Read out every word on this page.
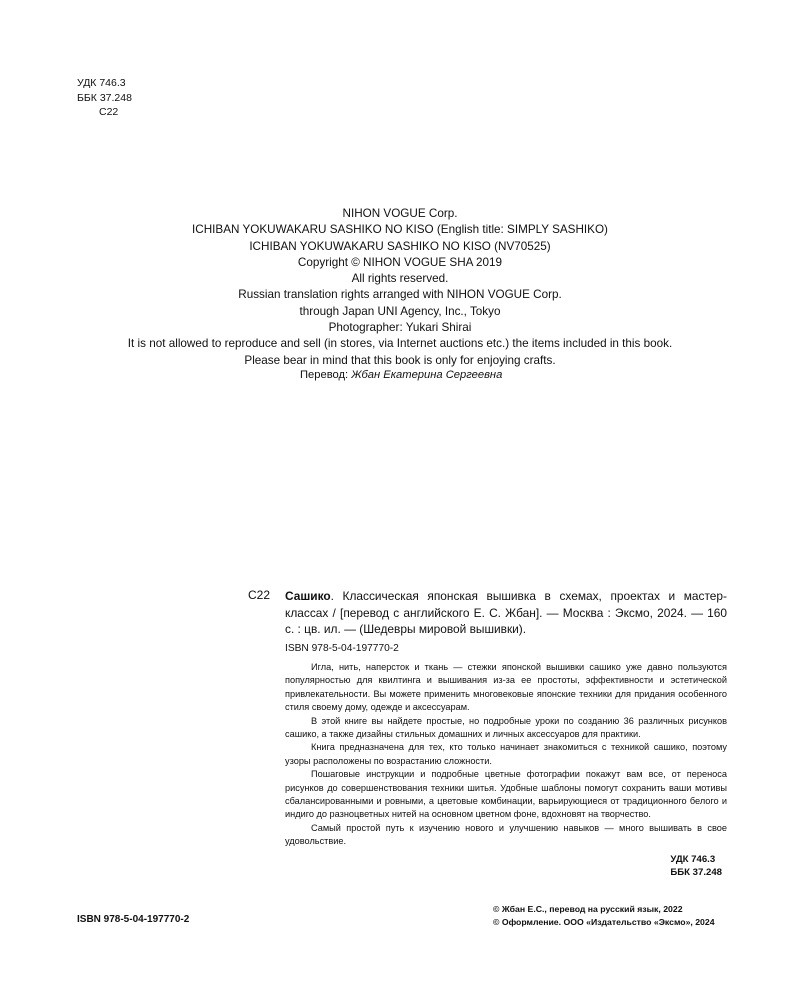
УДК 746.3
ББК 37.248
С22
NIHON VOGUE Corp.
ICHIBAN YOKUWAKARU SASHIKO NO KISO (English title: SIMPLY SASHIKO)
ICHIBAN YOKUWAKARU SASHIKO NO KISO (NV70525)
Copyright © NIHON VOGUE SHA 2019
All rights reserved.
Russian translation rights arranged with NIHON VOGUE Corp.
through Japan UNI Agency, Inc., Tokyo
Photographer: Yukari Shirai
It is not allowed to reproduce and sell (in stores, via Internet auctions etc.) the items included in this book.
Please bear in mind that this book is only for enjoying crafts.
Перевод: Жбан Екатерина Сергеевна
С22 Сашико. Классическая японская вышивка в схемах, проектах и мастер-классах / [перевод с английского Е. С. Жбан]. — Москва : Эксмо, 2024. — 160 с. : цв. ил. — (Шедевры мировой вышивки).
ISBN 978-5-04-197770-2

Игла, нить, наперсток и ткань — стежки японской вышивки сашико уже давно пользуются популярностью для квилтинга и вышивания из-за ее простоты, эффективности и эстетической привлекательности. Вы можете применить многовековые японские техники для придания особенного стиля своему дому, одежде и аксессуарам.

В этой книге вы найдете простые, но подробные уроки по созданию 36 различных рисунков сашико, а также дизайны стильных домашних и личных аксессуаров для практики.

Книга предназначена для тех, кто только начинает знакомиться с техникой сашико, поэтому узоры расположены по возрастанию сложности.

Пошаговые инструкции и подробные цветные фотографии покажут вам все, от переноса рисунков до совершенствования техники шитья. Удобные шаблоны помогут сохранить ваши мотивы сбалансированными и ровными, а цветовые комбинации, варьирующиеся от традиционного белого и индиго до разноцветных нитей на основном цветном фоне, вдохновят на творчество.

Самый простой путь к изучению нового и улучшению навыков — много вышивать в свое удовольствие.

УДК 746.3
ББК 37.248
ISBN 978-5-04-197770-2
© Жбан Е.С., перевод на русский язык, 2022
© Оформление. ООО «Издательство «Эксмо», 2024
